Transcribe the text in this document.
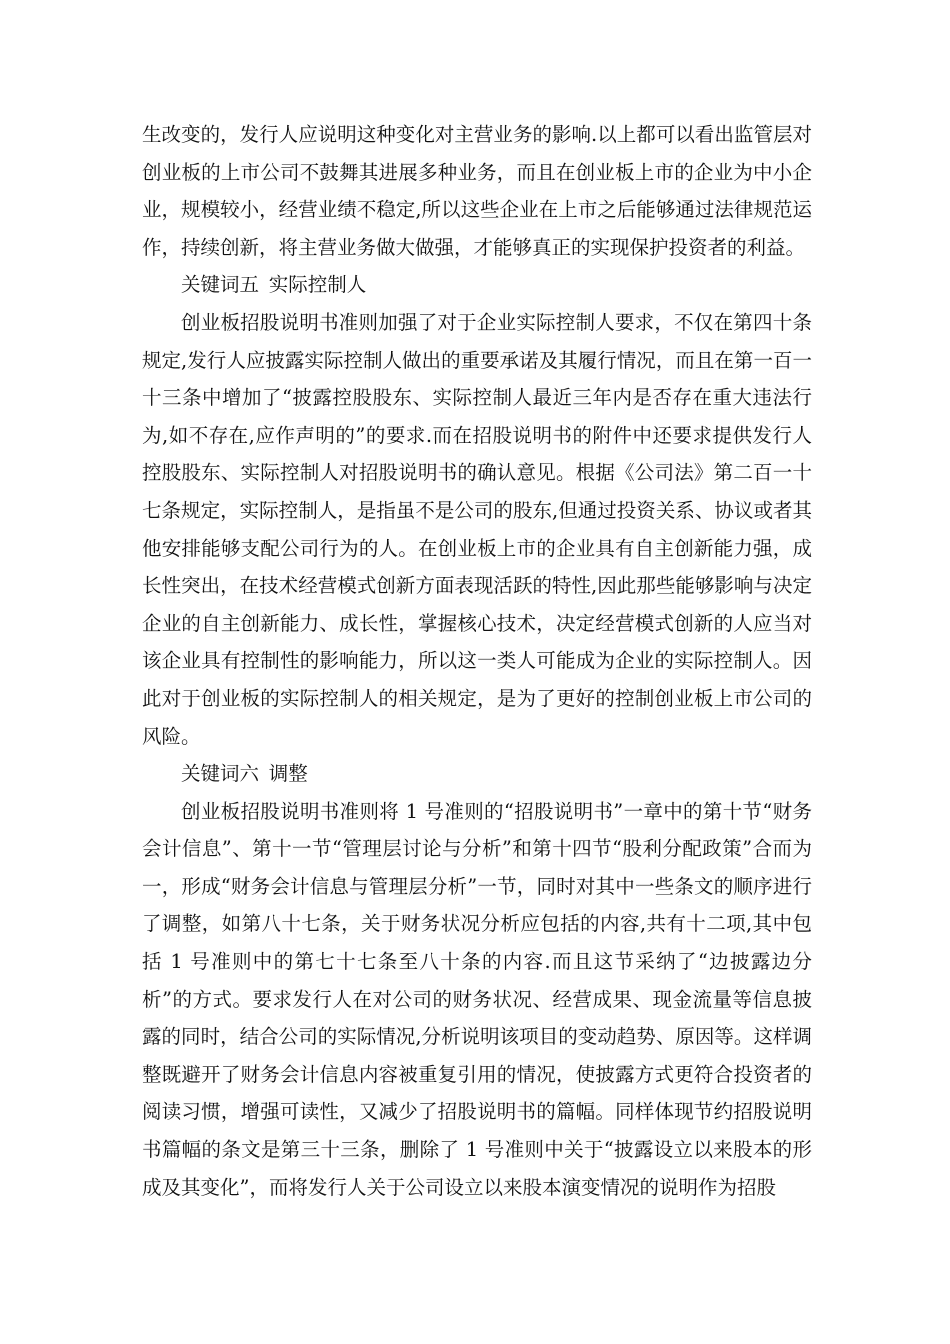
生改变的，发行人应说明这种变化对主营业务的影响.以上都可以看出监管层对创业板的上市公司不鼓舞其进展多种业务，而且在创业板上市的企业为中小企业，规模较小，经营业绩不稳定,所以这些企业在上市之后能够通过法律规范运作，持续创新，将主营业务做大做强，才能够真正的实现保护投资者的利益。

关键词五 实际控制人

创业板招股说明书准则加强了对于企业实际控制人要求，不仅在第四十条规定,发行人应披露实际控制人做出的重要承诺及其履行情况，而且在第一百一十三条中增加了“披露控股股东、实际控制人最近三年内是否存在重大违法行为,如不存在,应作声明的”的要求.而在招股说明书的附件中还要求提供发行人控股股东、实际控制人对招股说明书的确认意见。根据《公司法》第二百一十七条规定，实际控制人，是指虽不是公司的股东,但通过投资关系、协议或者其他安排能够支配公司行为的人。在创业板上市的企业具有自主创新能力强，成长性突出，在技术经营模式创新方面表现活跃的特性,因此那些能够影响与决定企业的自主创新能力、成长性，掌握核心技术，决定经营模式创新的人应当对该企业具有控制性的影响能力，所以这一类人可能成为企业的实际控制人。因此对于创业板的实际控制人的相关规定，是为了更好的控制创业板上市公司的风险。

关键词六 调整

创业板招股说明书准则将 1 号准则的“招股说明书”一章中的第十节“财务会计信息”、第十一节“管理层讨论与分析”和第十四节“股利分配政策”合而为一，形成“财务会计信息与管理层分析”一节，同时对其中一些条文的顺序进行了调整，如第八十七条，关于财务状况分析应包括的内容,共有十二项,其中包括 1 号准则中的第七十七条至八十条的内容.而且这节采纳了“边披露边分析”的方式。要求发行人在对公司的财务状况、经营成果、现金流量等信息披露的同时，结合公司的实际情况,分析说明该项目的变动趋势、原因等。这样调整既避开了财务会计信息内容被重复引用的情况，使披露方式更符合投资者的阅读习惯，增强可读性，又减少了招股说明书的篇幅。同样体现节约招股说明书篇幅的条文是第三十三条，删除了 1 号准则中关于“披露设立以来股本的形成及其变化”，而将发行人关于公司设立以来股本演变情况的说明作为招股
